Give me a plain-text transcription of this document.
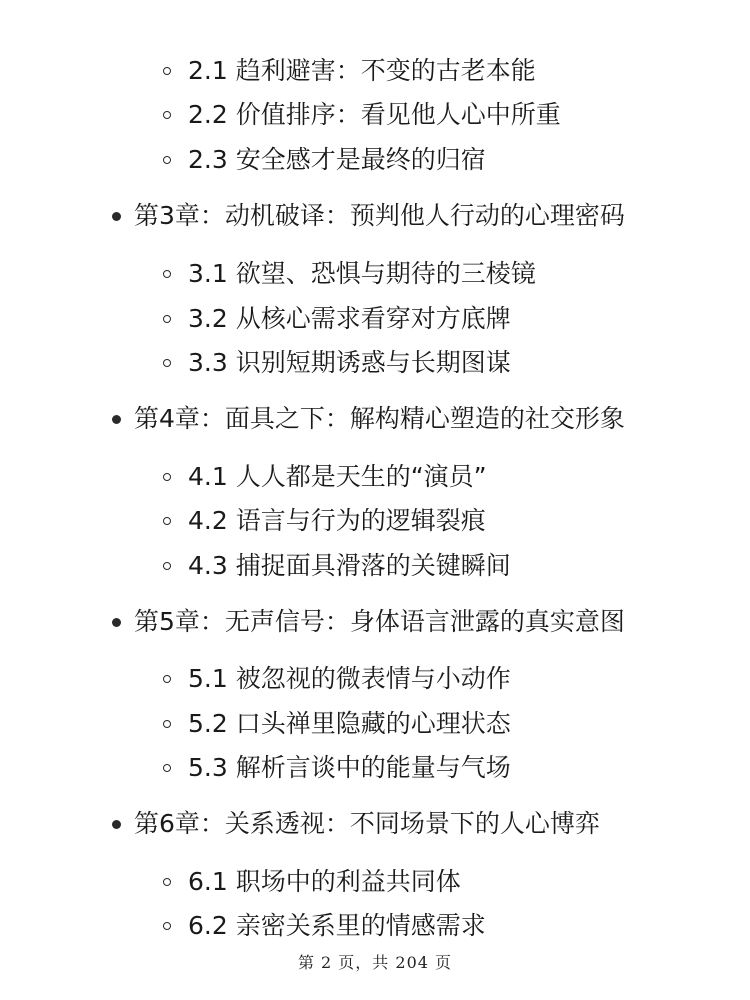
2.1 趋利避害：不变的古老本能
2.2 价值排序：看见他人心中所重
2.3 安全感才是最终的归宿
第3章：动机破译：预判他人行动的心理密码
3.1 欲望、恐惧与期待的三棱镜
3.2 从核心需求看穿对方底牌
3.3 识别短期诱惑与长期图谋
第4章：面具之下：解构精心塑造的社交形象
4.1 人人都是天生的“演员”
4.2 语言与行为的逻辑裂痕
4.3 捕捉面具滑落的关键瞬间
第5章：无声信号：身体语言泄露的真实意图
5.1 被忽视的微表情与小动作
5.2 口头禅里隐藏的心理状态
5.3 解析言谈中的能量与气场
第6章：关系透视：不同场景下的人心博弈
6.1 职场中的利益共同体
6.2 亲密关系里的情感需求
第 2 页，共 204 页
